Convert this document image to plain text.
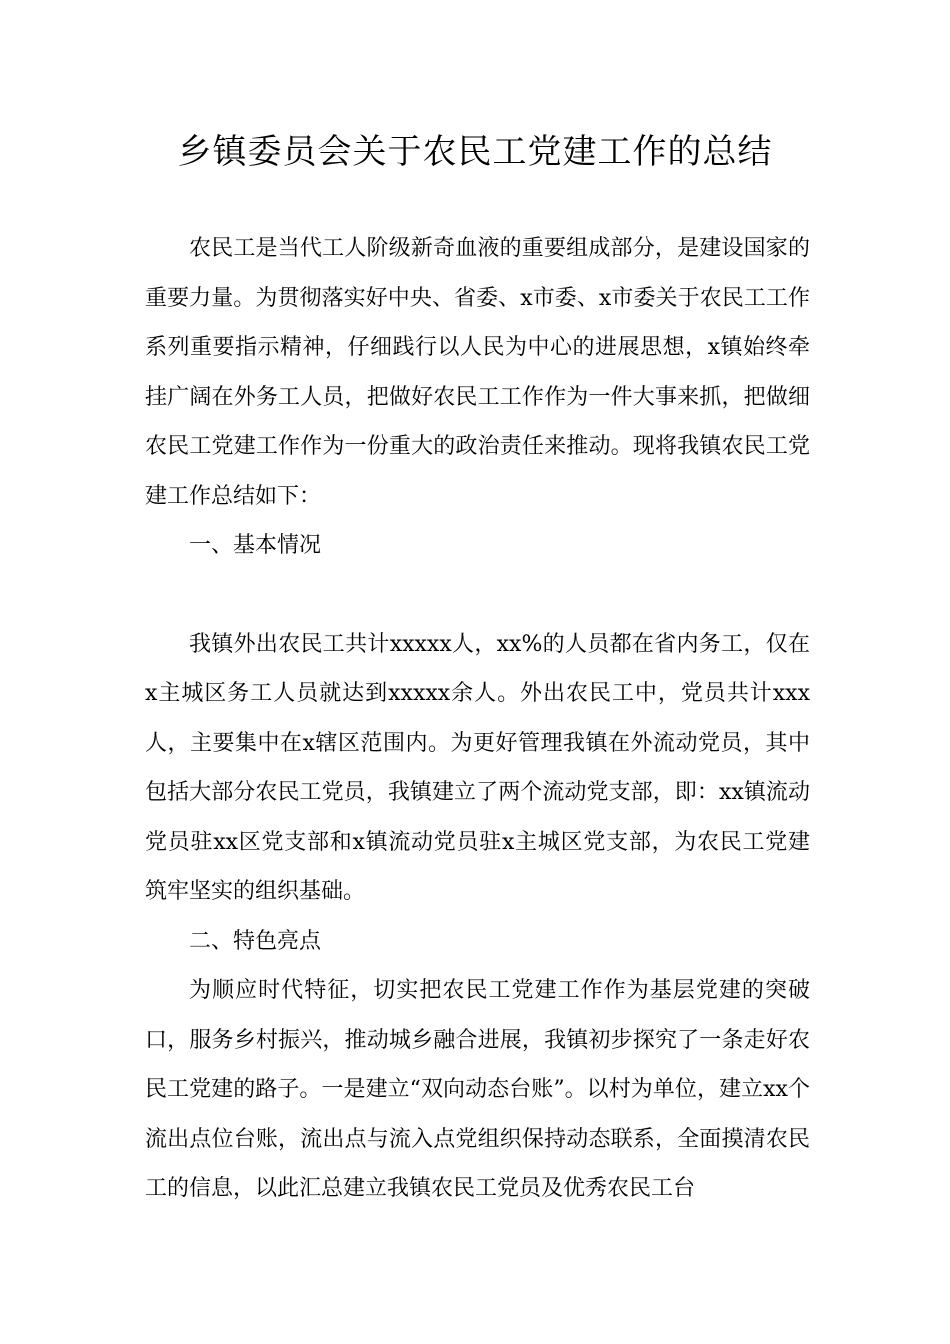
乡镇委员会关于农民工党建工作的总结

农民工是当代工人阶级新奇血液的重要组成部分，是建设国家的重要力量。为贯彻落实好中央、省委、x市委、x市委关于农民工工作系列重要指示精神，仔细践行以人民为中心的进展思想，x镇始终牵挂广阔在外务工人员，把做好农民工工作作为一件大事来抓，把做细农民工党建工作作为一份重大的政治责任来推动。现将我镇农民工党建工作总结如下：

一、基本情况

我镇外出农民工共计xxxxx人，xx%的人员都在省内务工，仅在x主城区务工人员就达到xxxxx余人。外出农民工中，党员共计xxx人，主要集中在x辖区范围内。为更好管理我镇在外流动党员，其中包括大部分农民工党员，我镇建立了两个流动党支部，即：xx镇流动党员驻xx区党支部和x镇流动党员驻x主城区党支部，为农民工党建筑牢坚实的组织基础。

二、特色亮点

为顺应时代特征，切实把农民工党建工作作为基层党建的突破口，服务乡村振兴，推动城乡融合进展，我镇初步探究了一条走好农民工党建的路子。一是建立“双向动态台账”。以村为单位，建立xx个流出点位台账，流出点与流入点党组织保持动态联系，全面摸清农民工的信息，以此汇总建立我镇农民工党员及优秀农民工台
